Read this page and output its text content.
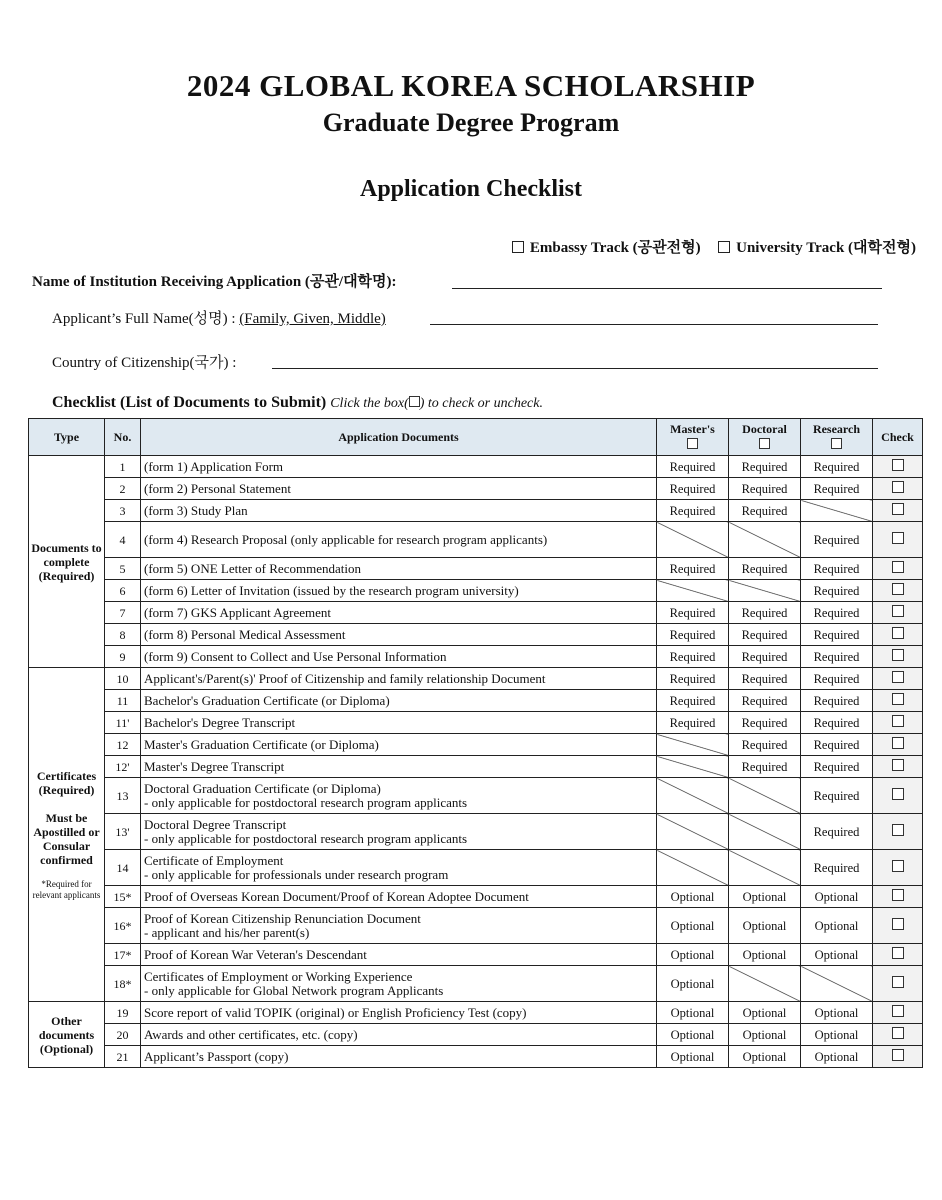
2024 GLOBAL KOREA SCHOLARSHIP
Graduate Degree Program
Application Checklist
Embassy Track (공관전형) University Track (대학전형)
Name of Institution Receiving Application (공관/대학명):
Applicant’s Full Name(성명) : (Family, Given, Middle)
Country of Citizenship(국가) :
Checklist (List of Documents to Submit) Click the box( ) to check or uncheck.
Type	No.	Application Documents	Master's	Doctoral	Research	Check
Documents to complete (Required)	1	(form 1) Application Form	Required	Required	Required	
	2	(form 2) Personal Statement	Required	Required	Required	
	3	(form 3) Study Plan	Required	Required		
	4	(form 4) Research Proposal (only applicable for research program applicants)			Required	
	5	(form 5) ONE Letter of Recommendation	Required	Required	Required	
	6	(form 6) Letter of Invitation (issued by the research program university)			Required	
	7	(form 7) GKS Applicant Agreement	Required	Required	Required	
	8	(form 8) Personal Medical Assessment	Required	Required	Required	
	9	(form 9) Consent to Collect and Use Personal Information	Required	Required	Required	
Certificates (Required)

Must be Apostilled or Consular confirmed
*Required for relevant applicants	10	Applicant's/Parent(s)' Proof of Citizenship and family relationship Document	Required	Required	Required	
	11	Bachelor's Graduation Certificate (or Diploma)	Required	Required	Required	
	11'	Bachelor's Degree Transcript	Required	Required	Required	
	12	Master's Graduation Certificate (or Diploma)		Required	Required	
	12'	Master's Degree Transcript		Required	Required	
	13	Doctoral Graduation Certificate (or Diploma)
- only applicable for postdoctoral research program applicants			Required	
	13'	Doctoral Degree Transcript
- only applicable for postdoctoral research program applicants			Required	
	14	Certificate of Employment
- only applicable for professionals under research program			Required	
	15*	Proof of Overseas Korean Document/Proof of Korean Adoptee Document	Optional	Optional	Optional	
	16*	Proof of Korean Citizenship Renunciation Document
- applicant and his/her parent(s)	Optional	Optional	Optional	
	17*	Proof of Korean War Veteran's Descendant	Optional	Optional	Optional	
	18*	Certificates of Employment or Working Experience
- only applicable for Global Network program Applicants	Optional			
Other documents (Optional)	19	Score report of valid TOPIK (original) or English Proficiency Test (copy)	Optional	Optional	Optional	
	20	Awards and other certificates, etc. (copy)	Optional	Optional	Optional	
	21	Applicant’s Passport (copy)	Optional	Optional	Optional	
